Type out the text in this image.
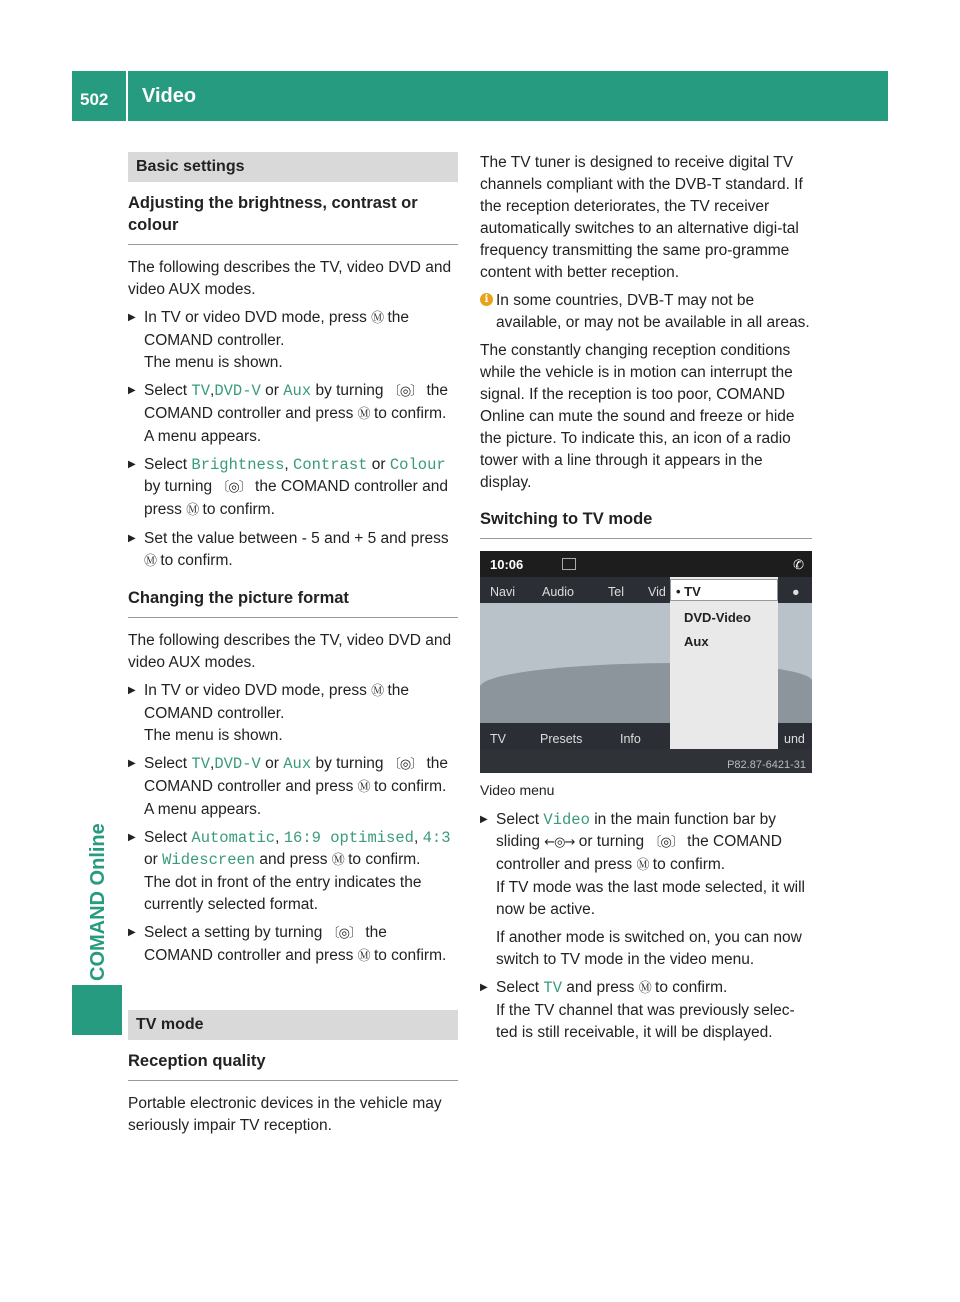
502 Video
COMAND Online
Basic settings
Adjusting the brightness, contrast or colour

The following describes the TV, video DVD and video AUX modes.

▶ In TV or video DVD mode, press Ⓜ the COMAND controller.
The menu is shown.
▶ Select TV,DVD-V or Aux by turning 〔◎〕 the COMAND controller and press Ⓜ to confirm.
A menu appears.
▶ Select Brightness, Contrast or Colour by turning 〔◎〕 the COMAND controller and press Ⓜ to confirm.
▶ Set the value between - 5 and + 5 and press Ⓜ to confirm.
Changing the picture format

The following describes the TV, video DVD and video AUX modes.

▶ In TV or video DVD mode, press Ⓜ the COMAND controller.
The menu is shown.
▶ Select TV,DVD-V or Aux by turning 〔◎〕 the COMAND controller and press Ⓜ to confirm.
A menu appears.
▶ Select Automatic, 16:9 optimised, 4:3
or Widescreen and press Ⓜ to confirm.
The dot in front of the entry indicates the currently selected format.
▶ Select a setting by turning 〔◎〕 the COMAND controller and press Ⓜ to confirm.
TV mode
Reception quality

Portable electronic devices in the vehicle may seriously impair TV reception.

The TV tuner is designed to receive digital TV channels compliant with the DVB-T standard. If the reception deteriorates, the TV receiver automatically switches to an alternative digi-tal frequency transmitting the same pro-gramme content with better reception.

i In some countries, DVB-T may not be available, or may not be available in all areas.

The constantly changing reception conditions while the vehicle is in motion can interrupt the signal. If the reception is too poor, COMAND Online can mute the sound and freeze or hide the picture. To indicate this, an icon of a radio tower with a line through it appears in the display.

Switching to TV mode
10:06	✆
Navi Audio	Tel Vid	●
TV	Presets	Info	und
• TV
DVD-Video
Aux
P82.87-6421-31
Video menu
▶ Select Video in the main function bar by sliding ←◎→ or turning 〔◎〕 the COMAND controller and press Ⓜ to confirm.
If TV mode was the last mode selected, it will now be active.
If another mode is switched on, you can now switch to TV mode in the video menu.
▶ Select TV and press Ⓜ to confirm.
If the TV channel that was previously selec-ted is still receivable, it will be displayed.
